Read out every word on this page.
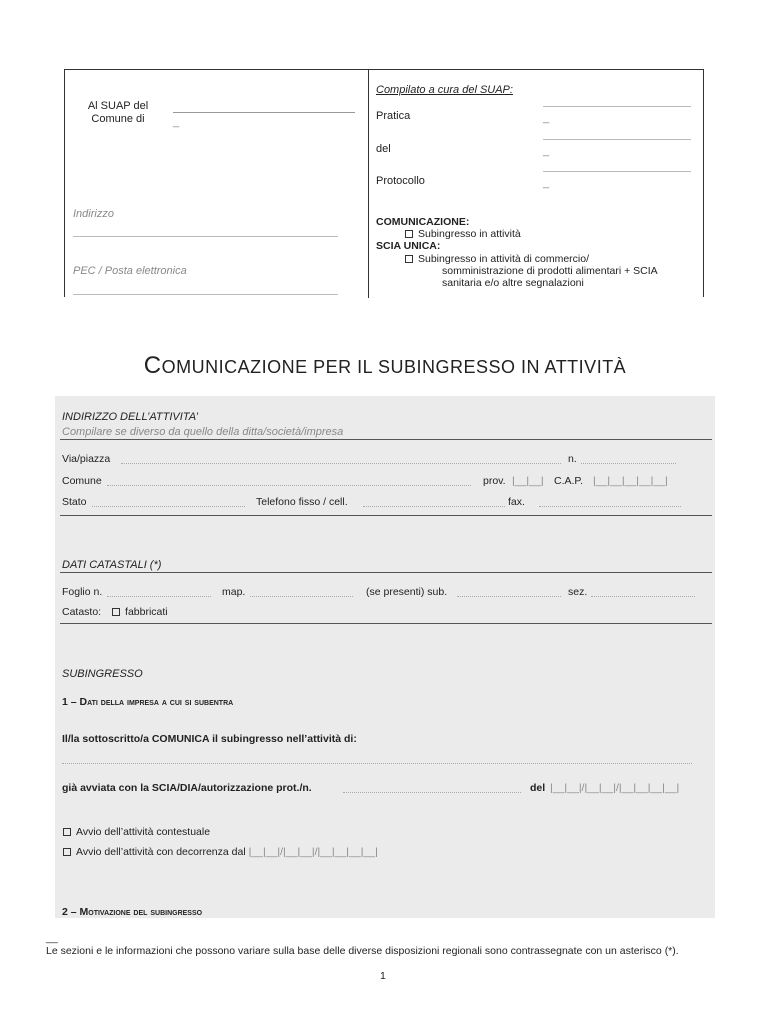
Al SUAP del
Comune di	_
Indirizzo
PEC / Posta elettronica
Compilato a cura del SUAP:
Pratica	_
del	_
Protocollo	_
COMUNICAZIONE:
Subingresso in attività
SCIA UNICA:
Subingresso in attività di commercio/
somministrazione di prodotti alimentari + SCIA
sanitaria e/o altre segnalazioni
COMUNICAZIONE PER IL SUBINGRESSO IN ATTIVITÀ
INDIRIZZO DELL’ATTIVITA’
Compilare se diverso da quello della ditta/società/impresa
Via/piazza	n.
Comune	prov. |__|__| C.A.P. |__|__|__|__|__|
Stato	Telefono fisso / cell.	fax.
DATI CATASTALI (*)
Foglio n.	map.	(se presenti) sub.	sez.
Catasto: fabbricati
SUBINGRESSO
1 – Dati della impresa a cui si subentra
Il/la sottoscritto/a COMUNICA il subingresso nell’attività di:
già avviata con la SCIA/DIA/autorizzazione prot./n.	del |__|__|/|__|__|/|__|__|__|__|
Avvio dell’attività contestuale
Avvio dell’attività con decorrenza dal |__|__|/|__|__|/|__|__|__|__|
2 – Motivazione del subingresso
__
Le sezioni e le informazioni che possono variare sulla base delle diverse disposizioni regionali sono contrassegnate con un asterisco (*).
1
